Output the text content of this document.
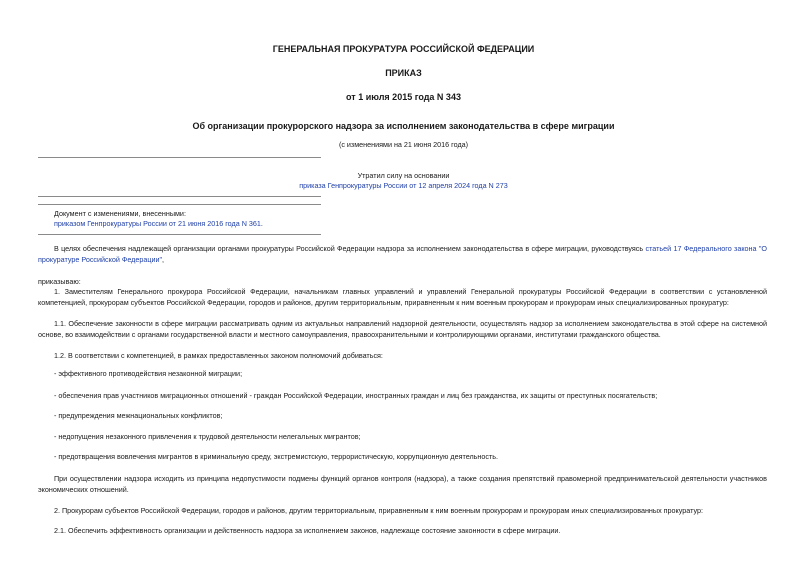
ГЕНЕРАЛЬНАЯ ПРОКУРАТУРА РОССИЙСКОЙ ФЕДЕРАЦИИ
ПРИКАЗ
от 1 июля 2015 года N 343
Об организации прокурорского надзора за исполнением законодательства в сфере миграции
(с изменениями на 21 июня 2016 года)
Утратил силу на основании
приказа Генпрокуратуры России от 12 апреля 2024 года N 273
Документ с изменениями, внесенными:
приказом Генпрокуратуры России от 21 июня 2016 года N 361.
В целях обеспечения надлежащей организации органами прокуратуры Российской Федерации надзора за исполнением законодательства в сфере миграции, руководствуясь статьей 17 Федерального закона "О прокуратуре Российской Федерации",
приказываю:
1. Заместителям Генерального прокурора Российской Федерации, начальникам главных управлений и управлений Генеральной прокуратуры Российской Федерации в соответствии с установленной компетенцией, прокурорам субъектов Российской Федерации, городов и районов, другим территориальным, приравненным к ним военным прокурорам и прокурорам иных специализированных прокуратур:
1.1. Обеспечение законности в сфере миграции рассматривать одним из актуальных направлений надзорной деятельности, осуществлять надзор за исполнением законодательства в этой сфере на системной основе, во взаимодействии с органами государственной власти и местного самоуправления, правоохранительными и контролирующими органами, институтами гражданского общества.
1.2. В соответствии с компетенцией, в рамках предоставленных законом полномочий добиваться:
- эффективного противодействия незаконной миграции;
- обеспечения прав участников миграционных отношений - граждан Российской Федерации, иностранных граждан и лиц без гражданства, их защиты от преступных посягательств;
- предупреждения межнациональных конфликтов;
- недопущения незаконного привлечения к трудовой деятельности нелегальных мигрантов;
- предотвращения вовлечения мигрантов в криминальную среду, экстремистскую, террористическую, коррупционную деятельность.
При осуществлении надзора исходить из принципа недопустимости подмены функций органов контроля (надзора), а также создания препятствий правомерной предпринимательской деятельности участников экономических отношений.
2. Прокурорам субъектов Российской Федерации, городов и районов, другим территориальным, приравненным к ним военным прокурорам и прокурорам иных специализированных прокуратур:
2.1. Обеспечить эффективность организации и действенность надзора за исполнением законов, надлежаще состояние законности в сфере миграции.
